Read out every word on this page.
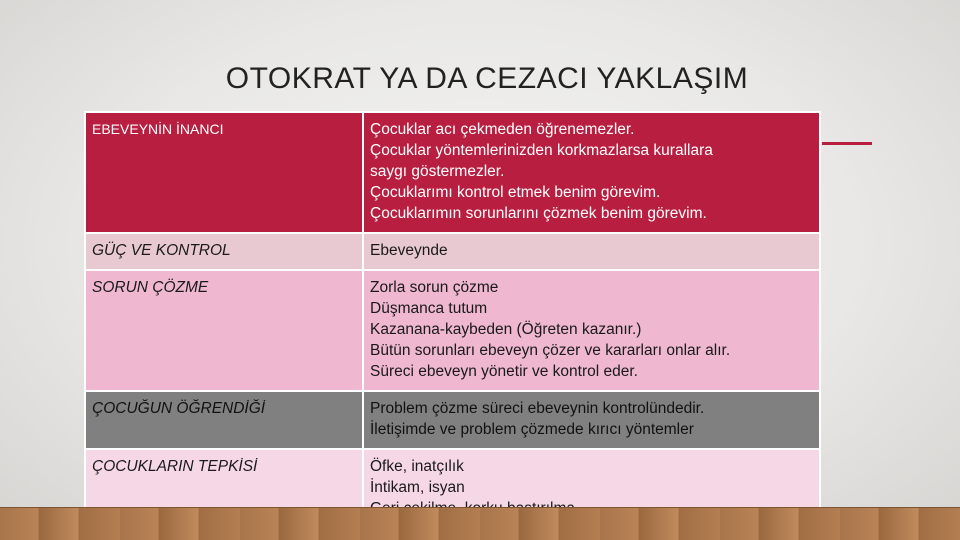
OTOKRAT YA DA CEZACI YAKLAŞIM
EBEVEYNİN İNANCI	Çocuklar acı çekmeden öğrenemezler.
Çocuklar yöntemlerinizden korkmazlarsa kurallara
saygı göstermezler.
Çocuklarımı kontrol etmek benim görevim.
Çocuklarımın sorunlarını çözmek benim görevim.

GÜÇ VE KONTROL	Ebeveynde

SORUN ÇÖZME	Zorla sorun çözme
Düşmanca tutum
Kazanana-kaybeden (Öğreten kazanır.)
Bütün sorunları ebeveyn çözer ve kararları onlar alır.
Süreci ebeveyn yönetir ve kontrol eder.

ÇOCUĞUN ÖĞRENDİĞİ	Problem çözme süreci ebeveynin kontrolündedir.
İletişimde ve problem çözmede kırıcı yöntemler

ÇOCUKLARIN TEPKİSİ	Öfke, inatçılık
İntikam, isyan
